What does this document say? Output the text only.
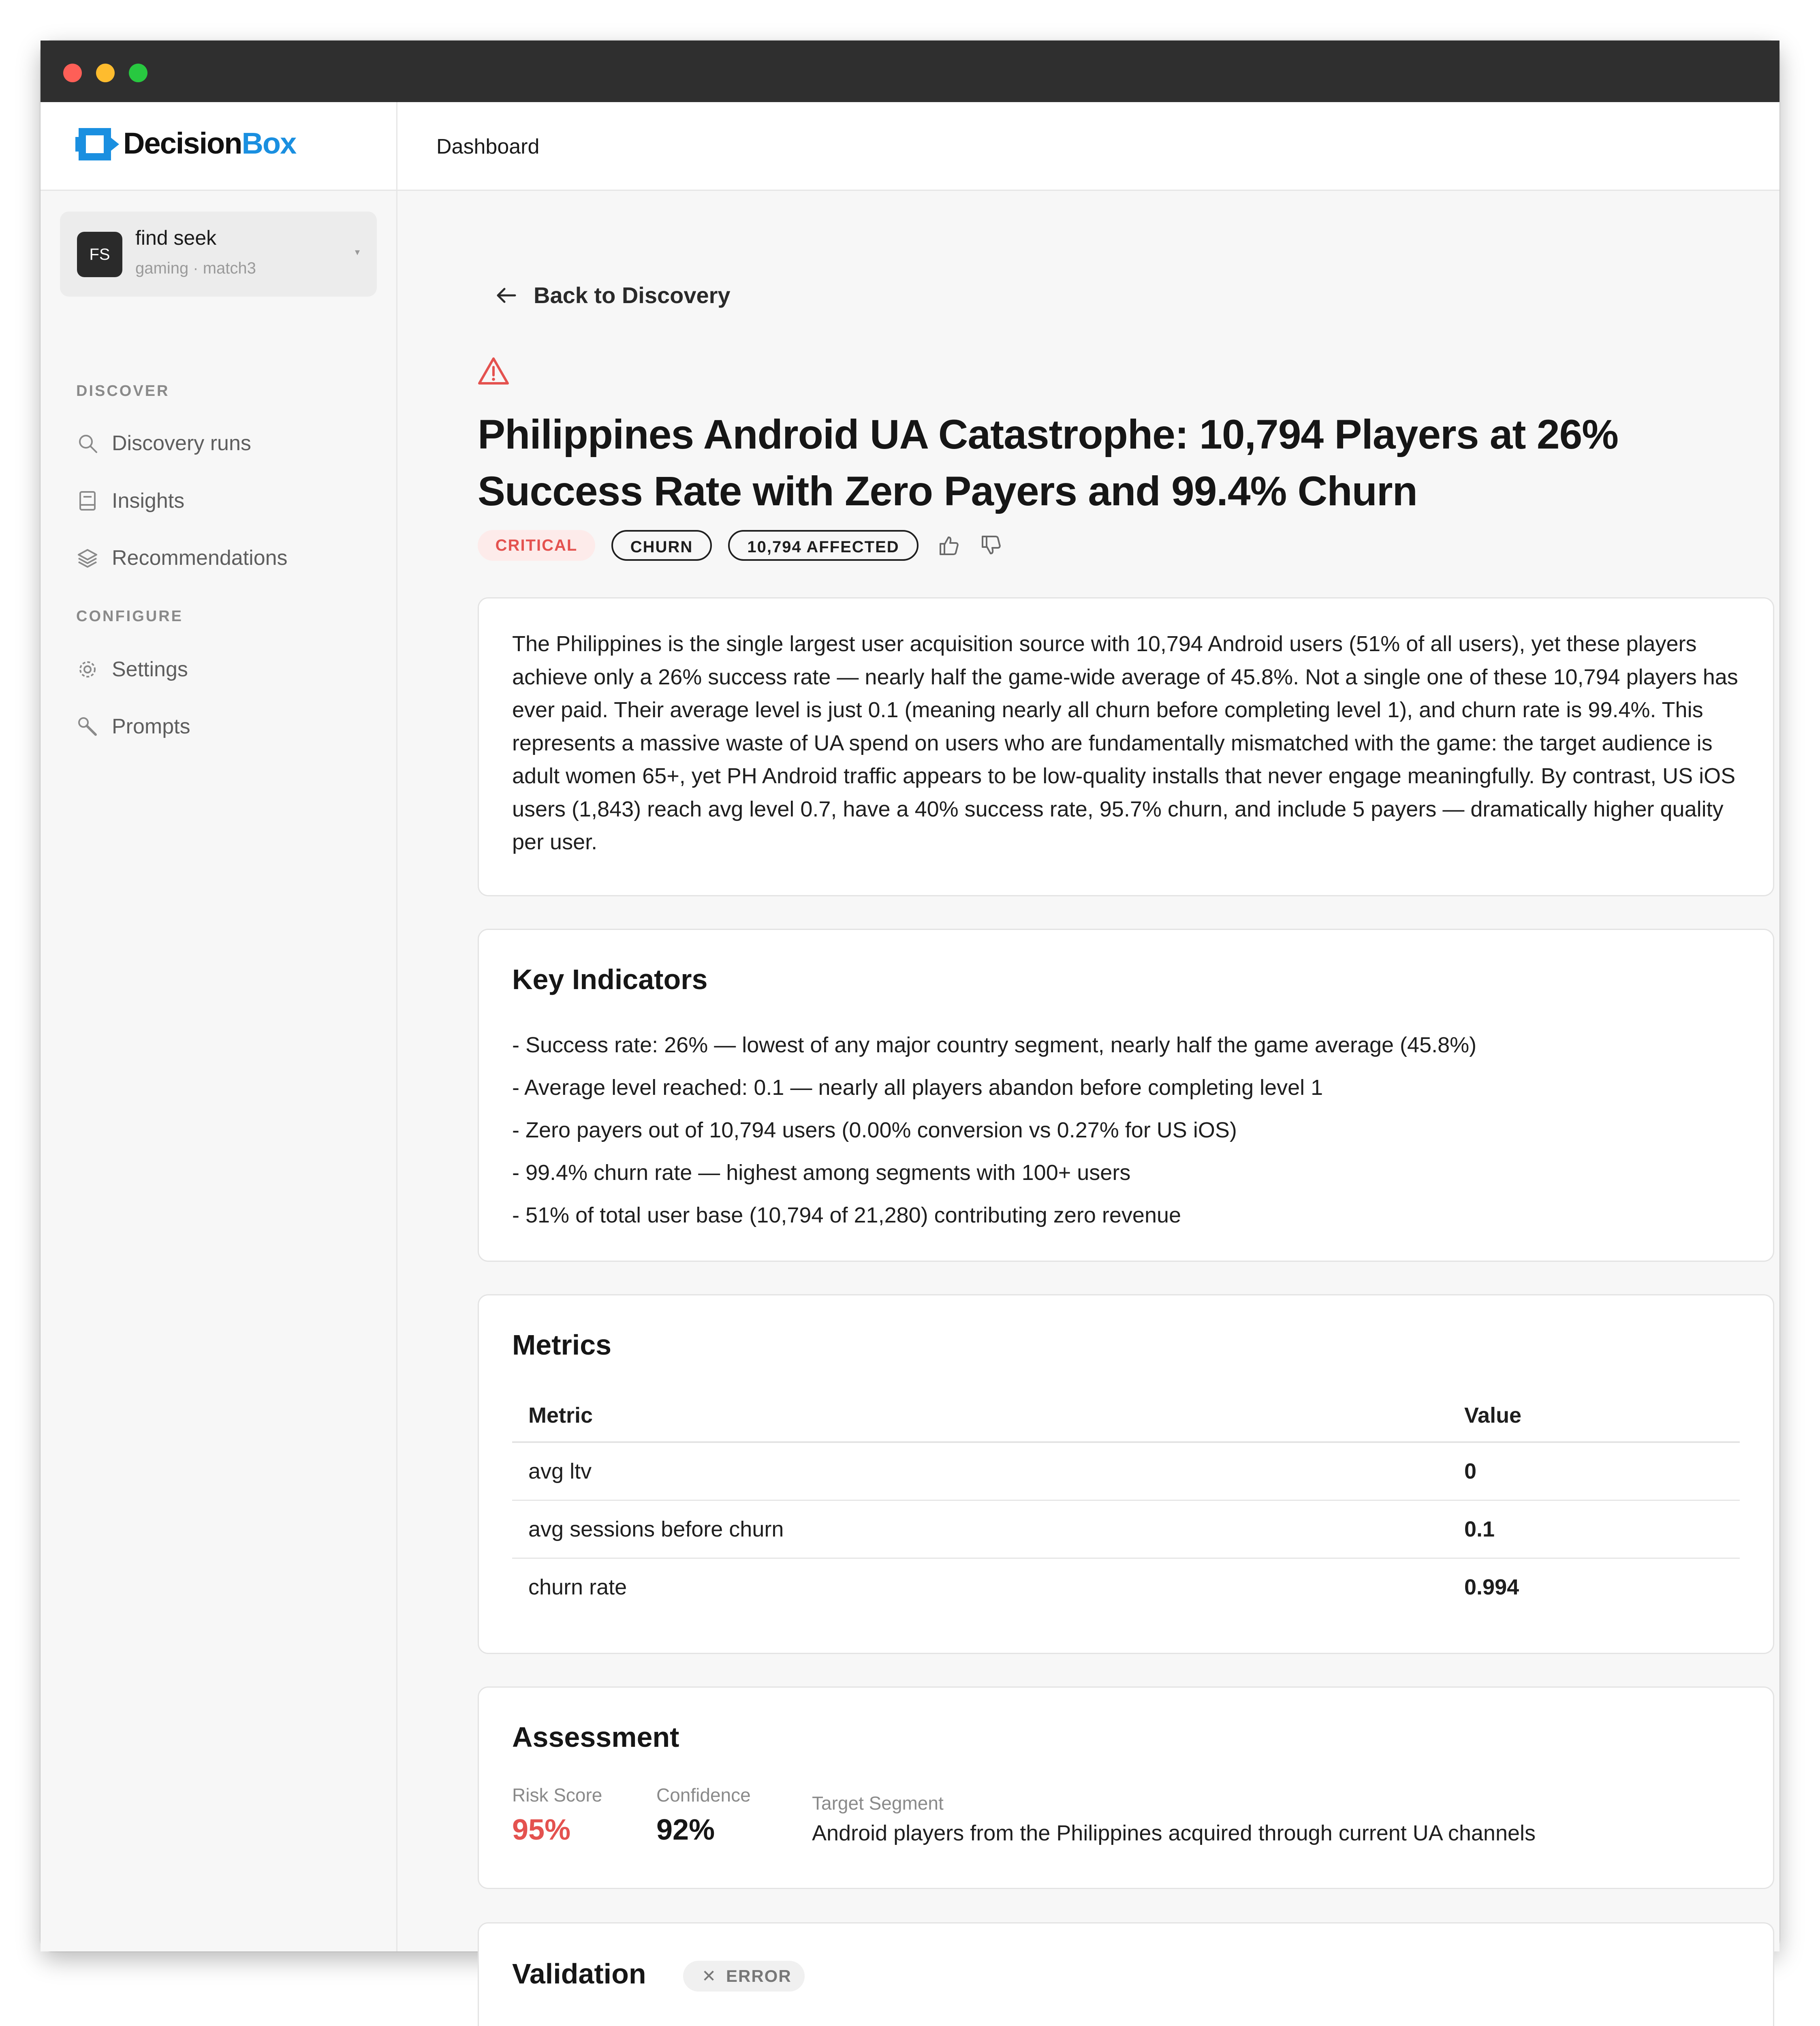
DecisionBox
FS
find seek
gaming · match3
▾
DISCOVER
Discovery runs
Insights
Recommendations
CONFIGURE
Settings
Prompts
Dashboard
Back to Discovery
Philippines Android UA Catastrophe: 10,794 Players at 26% Success Rate with Zero Payers and 99.4% Churn
CRITICAL	CHURN	10,794 AFFECTED
The Philippines is the single largest user acquisition source with 10,794 Android users (51% of all users), yet these players achieve only a 26% success rate — nearly half the game-wide average of 45.8%. Not a single one of these 10,794 players has ever paid. Their average level is just 0.1 (meaning nearly all churn before completing level 1), and churn rate is 99.4%. This represents a massive waste of UA spend on users who are fundamentally mismatched with the game: the target audience is adult women 65+, yet PH Android traffic appears to be low-quality installs that never engage meaningfully. By contrast, US iOS users (1,843) reach avg level 0.7, have a 40% success rate, 95.7% churn, and include 5 payers — dramatically higher quality per user.
Key Indicators
- Success rate: 26% — lowest of any major country segment, nearly half the game average (45.8%)
- Average level reached: 0.1 — nearly all players abandon before completing level 1
- Zero payers out of 10,794 users (0.00% conversion vs 0.27% for US iOS)
- 99.4% churn rate — highest among segments with 100+ users
- 51% of total user base (10,794 of 21,280) contributing zero revenue
Metrics
Metric	Value
avg ltv	0
avg sessions before churn	0.1
churn rate	0.994
Assessment
Risk Score
95%
Confidence
92%
Target Segment
Android players from the Philippines acquired through current UA channels
Validation	✕ ERROR
